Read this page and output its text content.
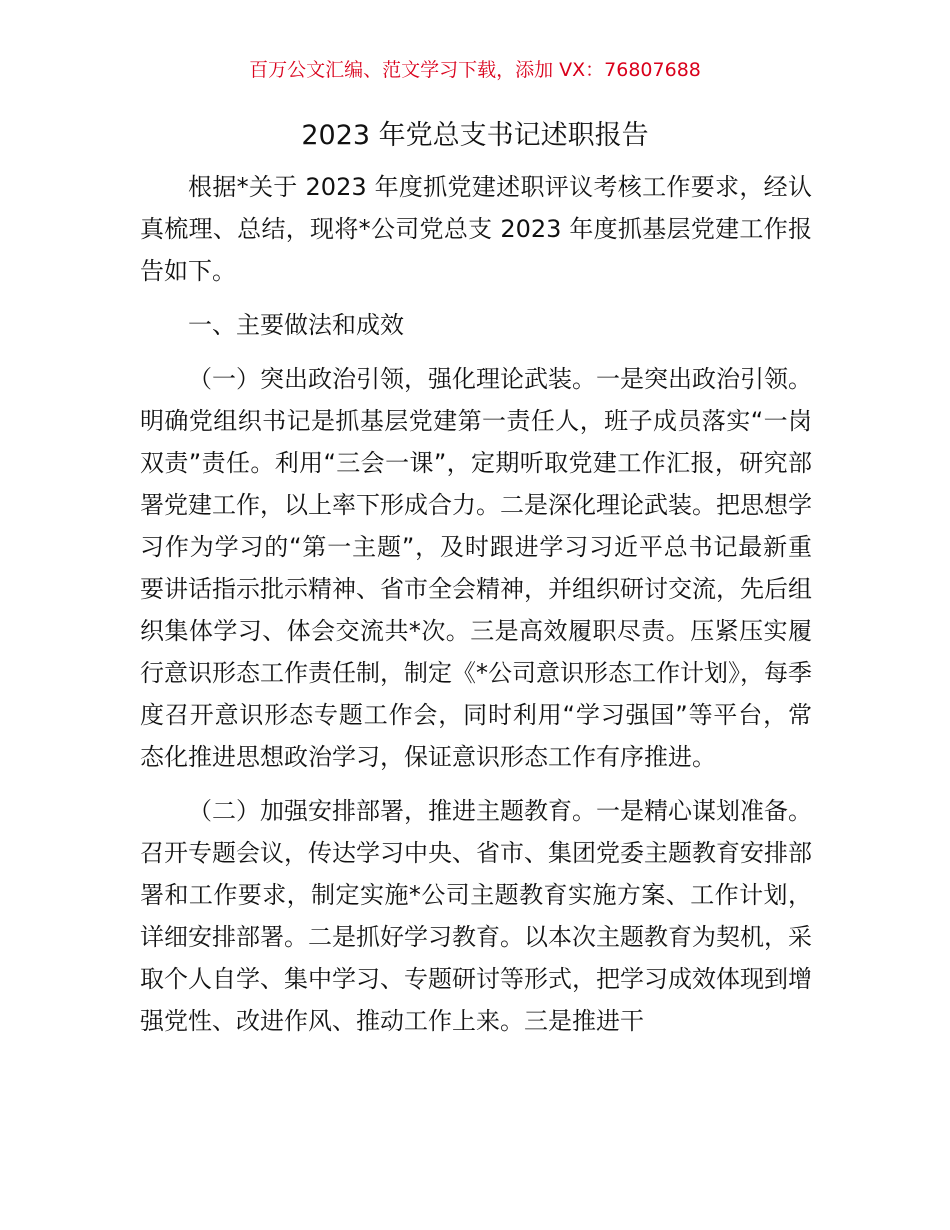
百万公文汇编、范文学习下载，添加 VX：76807688
2023 年党总支书记述职报告

根据*关于 2023 年度抓党建述职评议考核工作要求，经认真梳理、总结，现将*公司党总支 2023 年度抓基层党建工作报告如下。

一、主要做法和成效

（一）突出政治引领，强化理论武装。一是突出政治引领。明确党组织书记是抓基层党建第一责任人，班子成员落实“一岗双责”责任。利用“三会一课”，定期听取党建工作汇报，研究部署党建工作，以上率下形成合力。二是深化理论武装。把思想学习作为学习的“第一主题”，及时跟进学习习近平总书记最新重要讲话指示批示精神、省市全会精神，并组织研讨交流，先后组织集体学习、体会交流共*次。三是高效履职尽责。压紧压实履行意识形态工作责任制，制定《*公司意识形态工作计划》，每季度召开意识形态专题工作会，同时利用“学习强国”等平台，常态化推进思想政治学习，保证意识形态工作有序推进。

（二）加强安排部署，推进主题教育。一是精心谋划准备。召开专题会议，传达学习中央、省市、集团党委主题教育安排部署和工作要求，制定实施*公司主题教育实施方案、工作计划，详细安排部署。二是抓好学习教育。以本次主题教育为契机，采取个人自学、集中学习、专题研讨等形式，把学习成效体现到增强党性、改进作风、推动工作上来。三是推进干
